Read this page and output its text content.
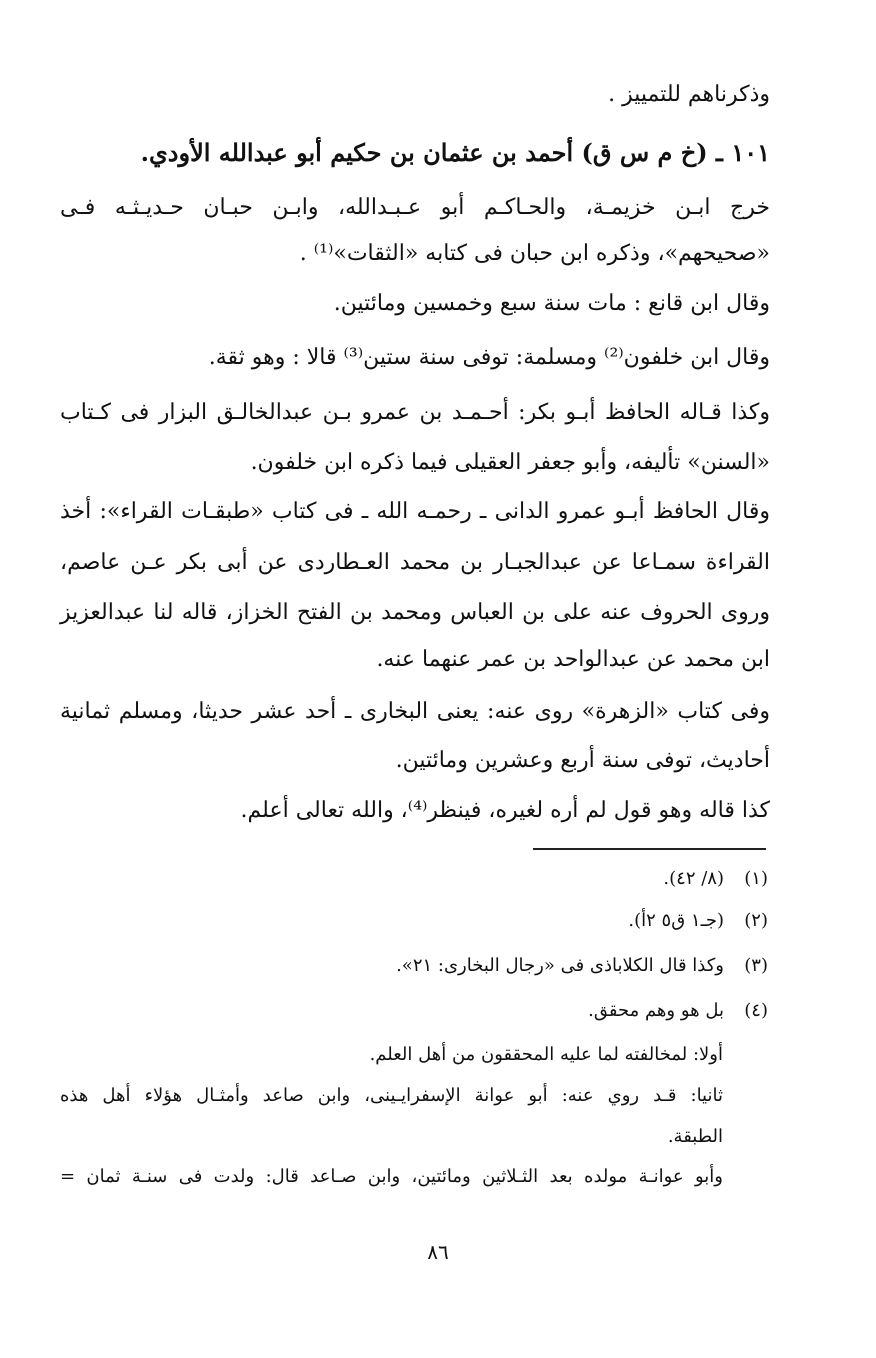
وذكرناهم للتمييز .
١٠١ ـ (خ م س ق) أحمد بن عثمان بن حكيم أبو عبدالله الأودي.
خرج ابـن خزيمـة، والحـاكـم أبو عـبـدالله، وابـن حبـان حـديـثـه فـى
«صحيحهم»، وذكره ابن حبان فى كتابه «الثقات»⁽¹⁾ .
وقال ابن قانع : مات سنة سبع وخمسين ومائتين.
وقال ابن خلفون⁽²⁾ ومسلمة: توفى سنة ستين⁽³⁾ قالا : وهو ثقة.
وكذا قـاله الحافظ أبـو بكر: أحـمـد بن عمرو بـن عبدالخالـق البزار فى كـتاب
«السنن» تأليفه، وأبو جعفر العقيلى فيما ذكره ابن خلفون.
وقال الحافظ أبـو عمرو الدانى ـ رحمـه الله ـ فى كتاب «طبقـات القراء»: أخذ
القراءة سمـاعا عن عبدالجبـار بن محمد العـطاردى عن أبى بكر عـن عاصم،
وروى الحروف عنه على بن العباس ومحمد بن الفتح الخزاز، قاله لنا عبدالعزيز
ابن محمد عن عبدالواحد بن عمر عنهما عنه.
وفى كتاب «الزهرة» روى عنه: يعنى البخارى ـ أحد عشر حديثا، ومسلم ثمانية
أحاديث، توفى سنة أربع وعشرين ومائتين.
كذا قاله وهو قول لم أره لغيره، فينظر⁽⁴⁾، والله تعالى أعلم.
(١)
(٨/ ٤٢).
(٢)
(جـ١ ق٥ ٢أ).
(٣)
وكذا قال الكلاباذى فى «رجال البخارى: ٢١».
(٤)
بل هو وهم محقق.
أولا: لمخالفته لما عليه المحققون من أهل العلم.
ثانيا: قـد روي عنه: أبو عوانة الإسفرايـينى، وابن صاعد وأمثـال هؤلاء أهل هذه
الطبقة.
وأبو عوانـة مولده بعد الثـلاثين ومائتين، وابن صـاعد قال: ولدت فى سنـة ثمان =
٨٦
